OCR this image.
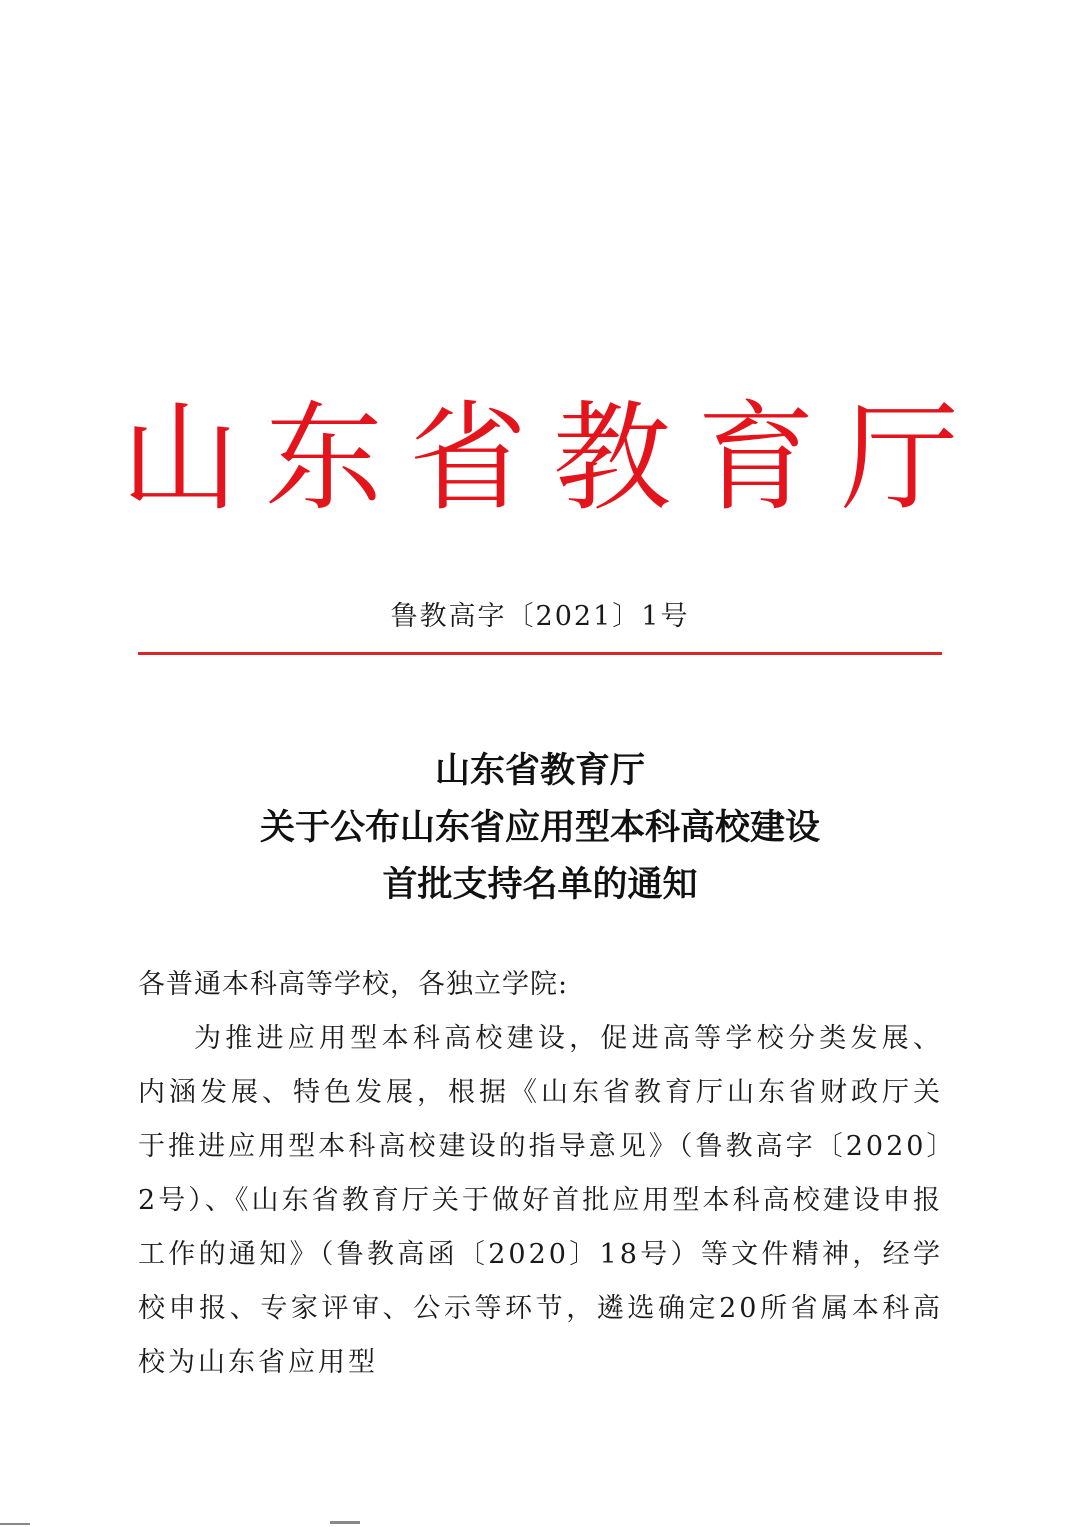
山东省教育厅
鲁教高字〔2021〕1号
山东省教育厅
关于公布山东省应用型本科高校建设
首批支持名单的通知
各普通本科高等学校，各独立学院:
为推进应用型本科高校建设，促进高等学校分类发展、内涵发展、特色发展，根据《山东省教育厅山东省财政厅关于推进应用型本科高校建设的指导意见》（鲁教高字〔2020〕2号）、《山东省教育厅关于做好首批应用型本科高校建设申报工作的通知》（鲁教高函〔2020〕18号）等文件精神，经学校申报、专家评审、公示等环节，遴选确定20所省属本科高校为山东省应用型
